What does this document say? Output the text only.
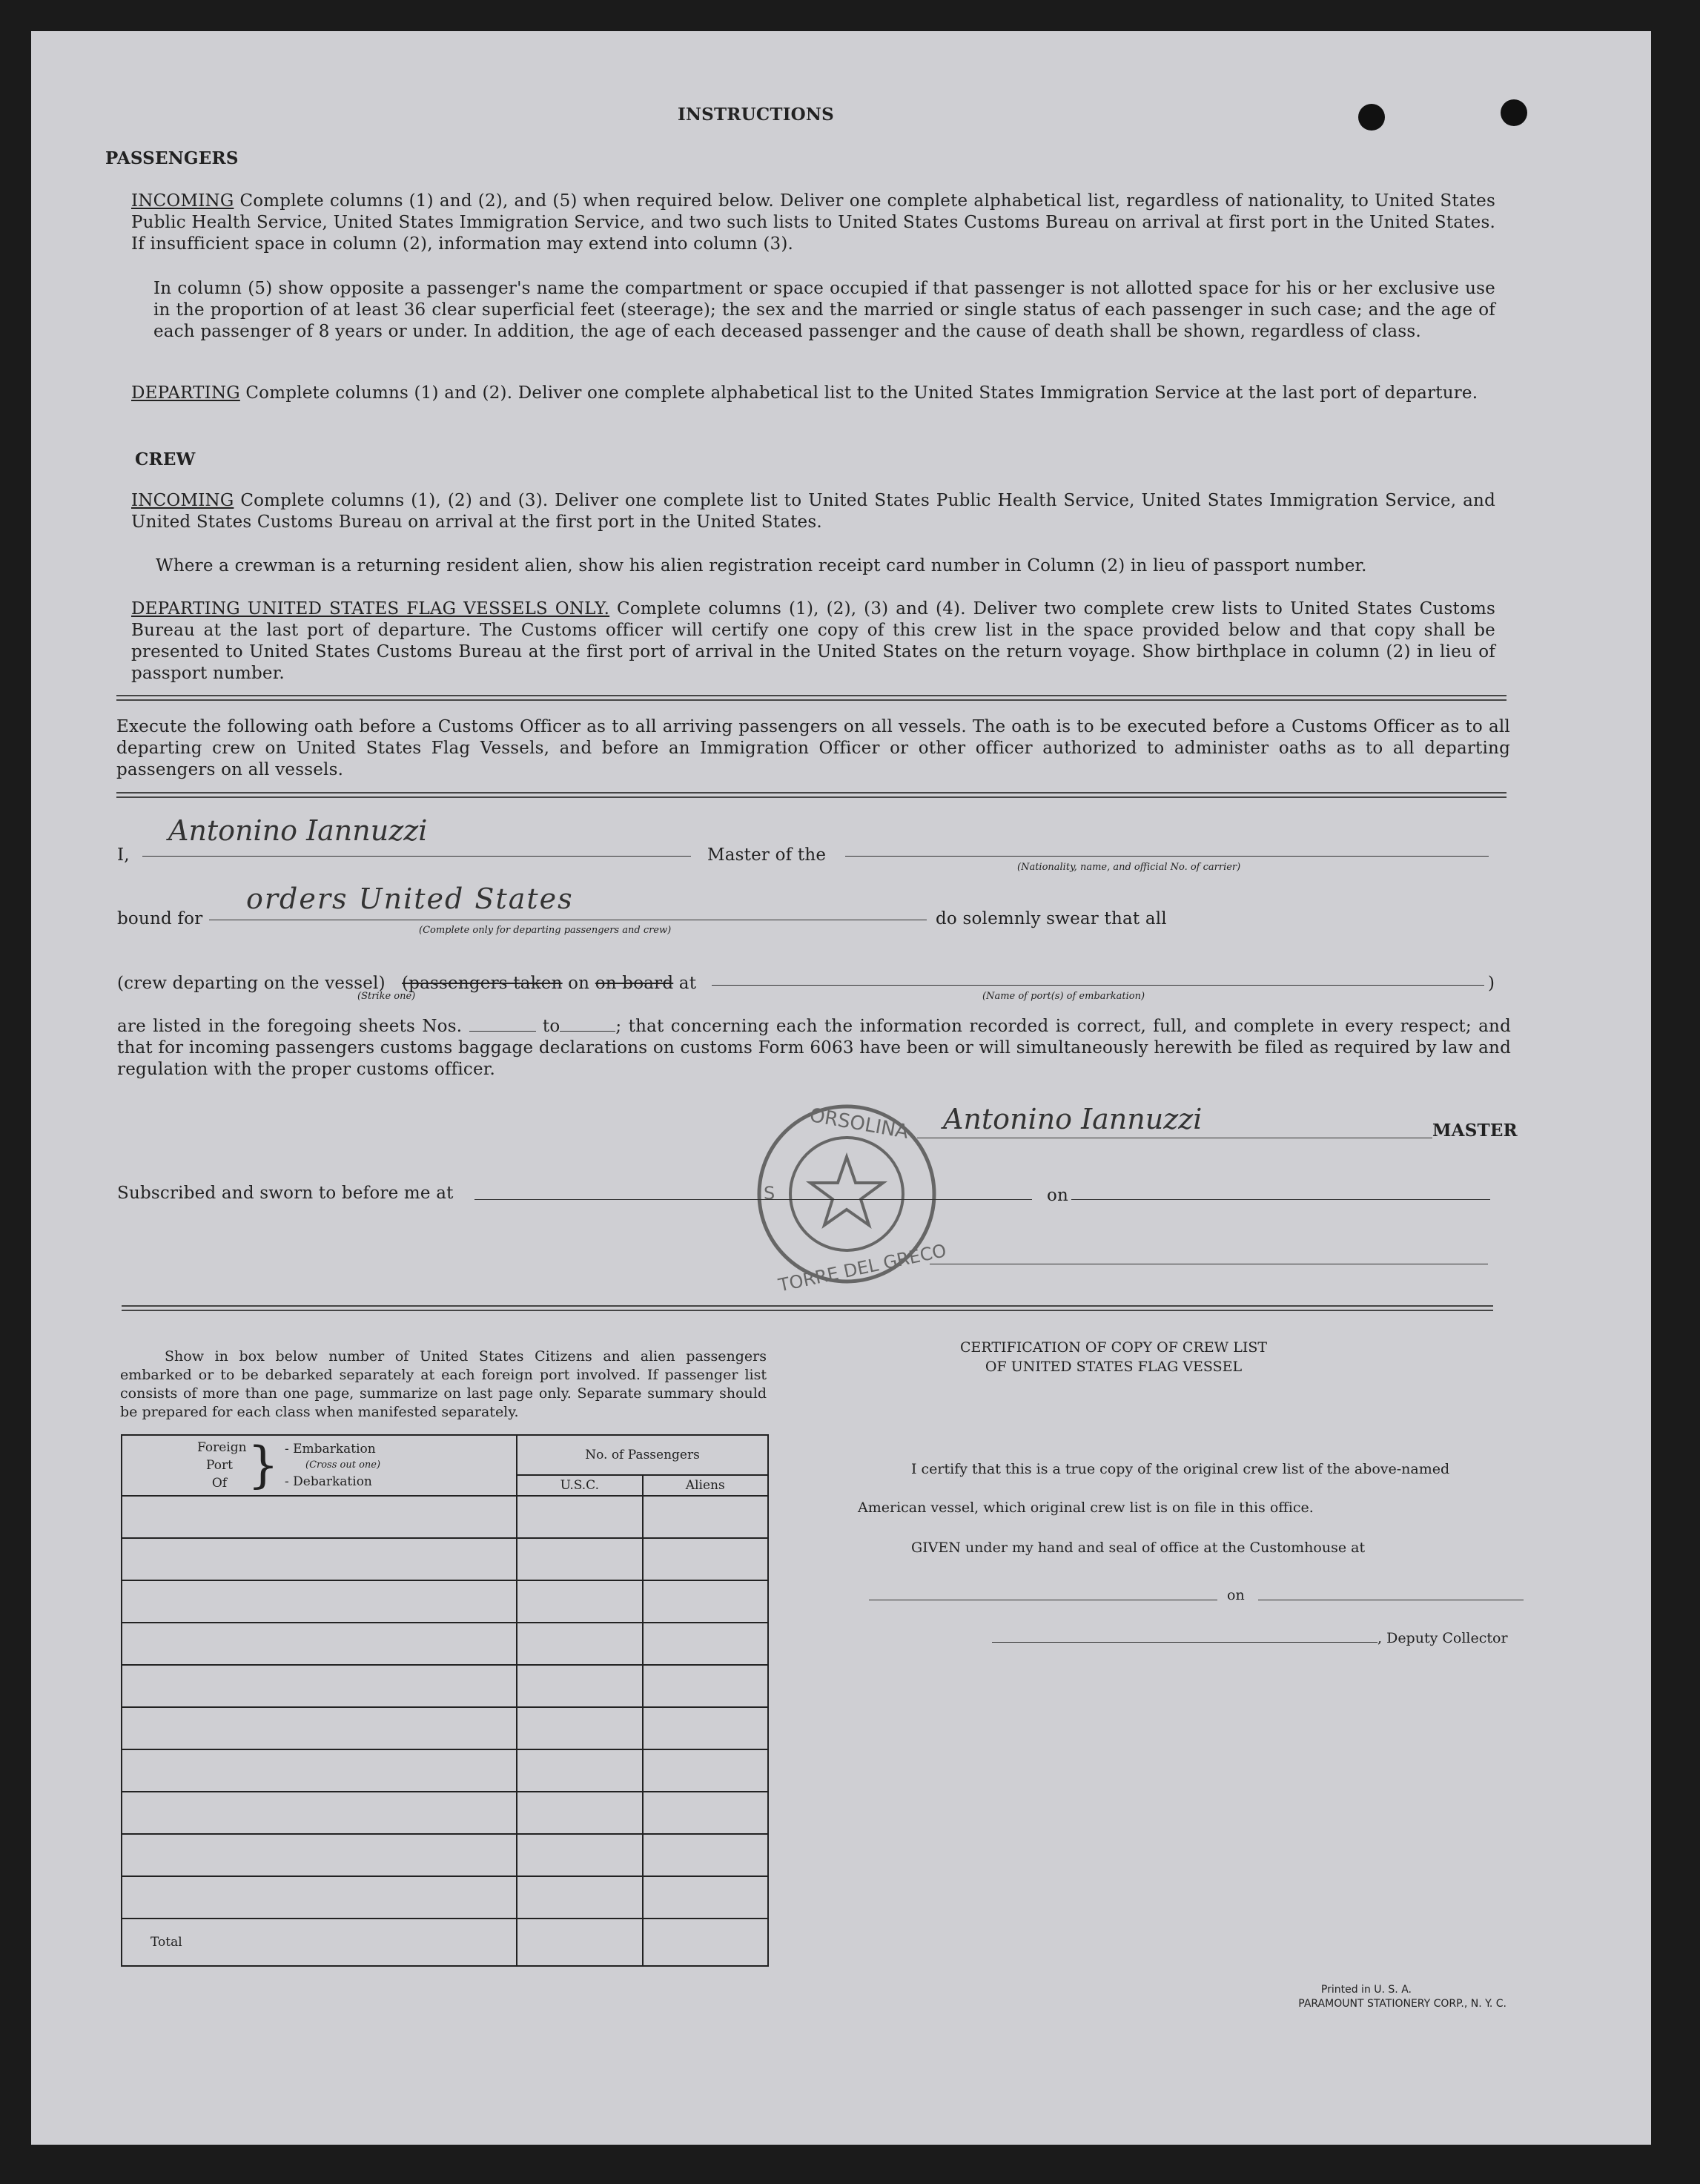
INSTRUCTIONS
PASSENGERS
INCOMING Complete columns (1) and (2), and (5) when required below. Deliver one complete alphabetical list, regardless of nationality, to United States Public Health Service, United States Immigration Service, and two such lists to United States Customs Bureau on arrival at first port in the United States. If insufficient space in column (2), information may extend into column (3).
In column (5) show opposite a passenger's name the compartment or space occupied if that passenger is not allotted space for his or her exclusive use in the proportion of at least 36 clear superficial feet (steerage); the sex and the married or single status of each passenger in such case; and the age of each passenger of 8 years or under. In addition, the age of each deceased passenger and the cause of death shall be shown, regardless of class.
DEPARTING Complete columns (1) and (2). Deliver one complete alphabetical list to the United States Immigration Service at the last port of departure.
CREW
INCOMING Complete columns (1), (2) and (3). Deliver one complete list to United States Public Health Service, United States Immigration Service, and United States Customs Bureau on arrival at the first port in the United States.
Where a crewman is a returning resident alien, show his alien registration receipt card number in Column (2) in lieu of passport number.
DEPARTING UNITED STATES FLAG VESSELS ONLY. Complete columns (1), (2), (3) and (4). Deliver two complete crew lists to United States Customs Bureau at the last port of departure. The Customs officer will certify one copy of this crew list in the space provided below and that copy shall be presented to United States Customs Bureau at the first port of arrival in the United States on the return voyage. Show birthplace in column (2) in lieu of passport number.
Execute the following oath before a Customs Officer as to all arriving passengers on all vessels. The oath is to be executed before a Customs Officer as to all departing crew on United States Flag Vessels, and before an Immigration Officer or other officer authorized to administer oaths as to all departing passengers on all vessels.
I,
Antonino Iannuzzi
Master of the
(Nationality, name, and official No. of carrier)
bound for
orders United States
(Complete only for departing passengers and crew)
do solemnly swear that all
(crew departing on the vessel) (passengers taken on on board at
(Strike one)	(Name of port(s) of embarkation)
)
are listed in the foregoing sheets Nos.	to	; that concerning each the information recorded is correct, full, and complete in every respect; and that for incoming passengers customs baggage declarations on customs Form 6063 have been or will simultaneously herewith be filed as required by law and regulation with the proper customs officer.
ORSOLINA
TORRE DEL GRECO
S
Antonino Iannuzzi	MASTER
Subscribed and sworn to before me at	on
Show in box below number of United States Citizens and alien passengers embarked or to be debarked separately at each foreign port involved. If passenger list consists of more than one page, summarize on last page only. Separate summary should be prepared for each class when manifested separately.
Foreign Port Of } - Embarkation
(Cross out one)
- Debarkation	No. of Passengers	
	U.S.C.	Aliens

Total		
CERTIFICATION OF COPY OF CREW LIST
OF UNITED STATES FLAG VESSEL
I certify that this is a true copy of the original crew list of the above-named
American vessel, which original crew list is on file in this office.
GIVEN under my hand and seal of office at the Customhouse at
on
, Deputy Collector
Printed in U. S. A.
PARAMOUNT STATIONERY CORP., N. Y. C.
